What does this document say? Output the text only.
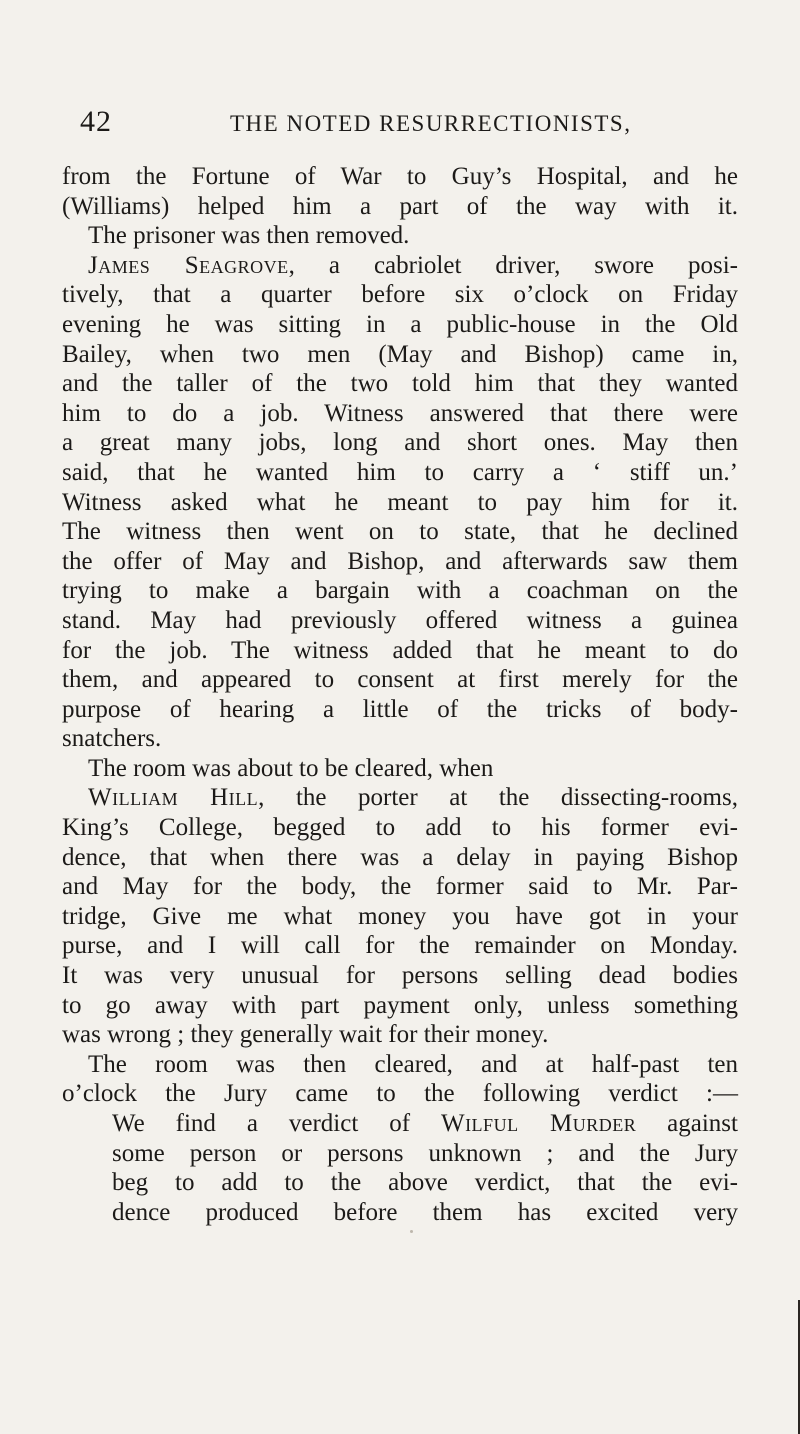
42	THE NOTED RESURRECTIONISTS,
from the Fortune of War to Guy’s Hospital, and he
(Williams) helped him a part of the way with it.
The prisoner was then removed.
James Seagrove, a cabriolet driver, swore posi-
tively, that a quarter before six o’clock on Friday
evening he was sitting in a public-house in the Old
Bailey, when two men (May and Bishop) came in,
and the taller of the two told him that they wanted
him to do a job. Witness answered that there were
a great many jobs, long and short ones. May then
said, that he wanted him to carry a ‘ stiff un.’
Witness asked what he meant to pay him for it.
The witness then went on to state, that he declined
the offer of May and Bishop, and afterwards saw them
trying to make a bargain with a coachman on the
stand. May had previously offered witness a guinea
for the job. The witness added that he meant to do
them, and appeared to consent at first merely for the
purpose of hearing a little of the tricks of body-
snatchers.
The room was about to be cleared, when
William Hill, the porter at the dissecting-rooms,
King’s College, begged to add to his former evi-
dence, that when there was a delay in paying Bishop
and May for the body, the former said to Mr. Par-
tridge, Give me what money you have got in your
purse, and I will call for the remainder on Monday.
It was very unusual for persons selling dead bodies
to go away with part payment only, unless something
was wrong ; they generally wait for their money.
The room was then cleared, and at half-past ten
o’clock the Jury came to the following verdict :—
We find a verdict of Wilful Murder against
some person or persons unknown ; and the Jury
beg to add to the above verdict, that the evi-
dence produced before them has excited very
